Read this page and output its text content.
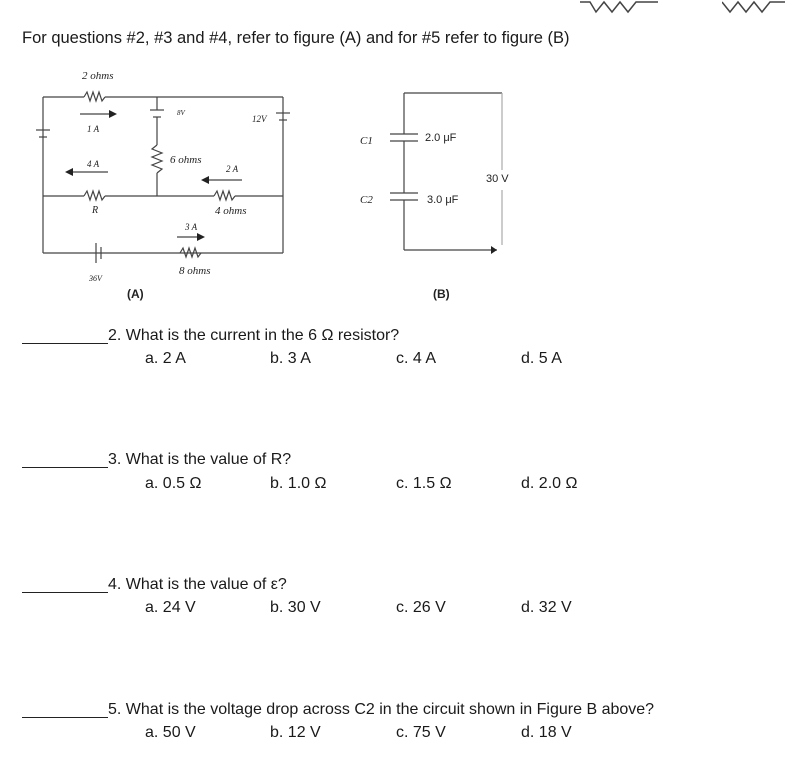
For questions #2, #3 and #4, refer to figure (A) and for #5 refer to figure (B)
2 ohms
1 A
4 A
R
8V
6 ohms
2 A
12V
4 ohms
3 A
8 ohms
36V
(A)
C1
C2
2.0 μF
3.0 μF
30 V
(B)
2. What is the current in the 6 Ω resistor?
a. 2 A	b. 3 A	c. 4 A	d. 5 A
3. What is the value of R?
a. 0.5 Ω	b. 1.0 Ω	c. 1.5 Ω	d. 2.0 Ω
4. What is the value of ε?
a. 24 V	b. 30 V	c. 26 V	d. 32 V
5. What is the voltage drop across C2 in the circuit shown in Figure B above?
a. 50 V	b. 12 V	c. 75 V	d. 18 V
